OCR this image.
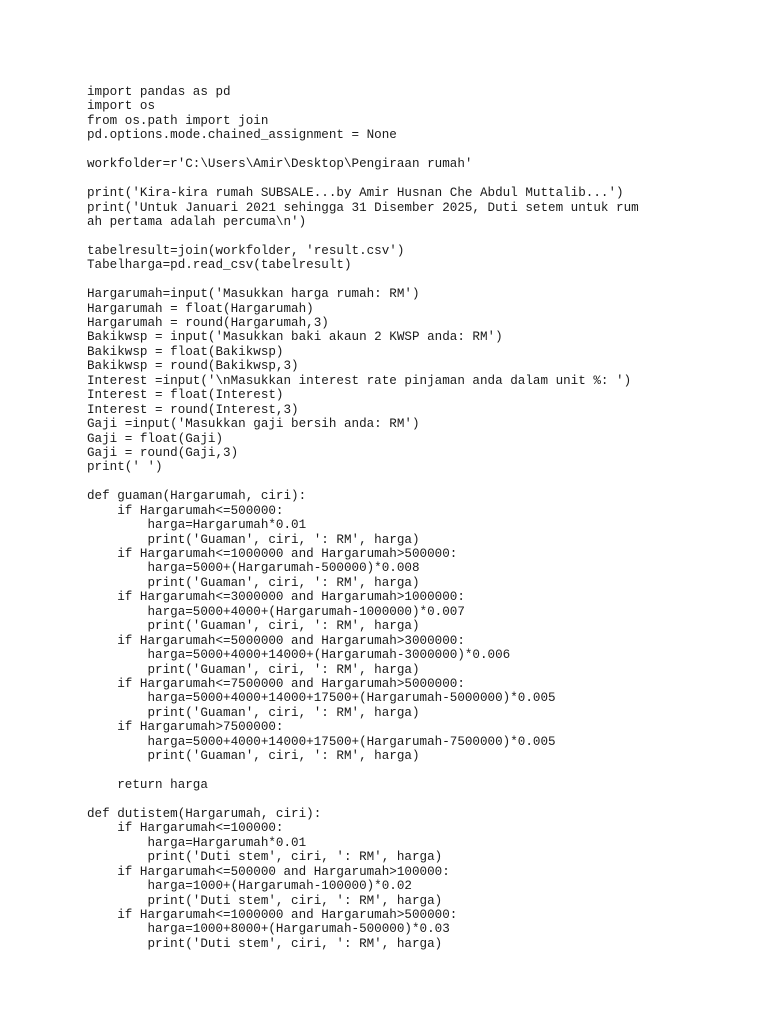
import pandas as pd
import os
from os.path import join
pd.options.mode.chained_assignment = None
workfolder=r'C:\Users\Amir\Desktop\Pengiraan rumah'
print('Kira-kira rumah SUBSALE...by Amir Husnan Che Abdul Muttalib...')
print('Untuk Januari 2021 sehingga 31 Disember 2025, Duti setem untuk rum
ah pertama adalah percuma\n')
tabelresult=join(workfolder, 'result.csv')
Tabelharga=pd.read_csv(tabelresult)
Hargarumah=input('Masukkan harga rumah: RM')
Hargarumah = float(Hargarumah)
Hargarumah = round(Hargarumah,3)
Bakikwsp = input('Masukkan baki akaun 2 KWSP anda: RM')
Bakikwsp = float(Bakikwsp)
Bakikwsp = round(Bakikwsp,3)
Interest =input('\nMasukkan interest rate pinjaman anda dalam unit %: ')
Interest = float(Interest)
Interest = round(Interest,3)
Gaji =input('Masukkan gaji bersih anda: RM')
Gaji = float(Gaji)
Gaji = round(Gaji,3)
print(' ')
def guaman(Hargarumah, ciri):
if Hargarumah<=500000:
harga=Hargarumah*0.01
print('Guaman', ciri, ': RM', harga)
if Hargarumah<=1000000 and Hargarumah>500000:
harga=5000+(Hargarumah-500000)*0.008
print('Guaman', ciri, ': RM', harga)
if Hargarumah<=3000000 and Hargarumah>1000000:
harga=5000+4000+(Hargarumah-1000000)*0.007
print('Guaman', ciri, ': RM', harga)
if Hargarumah<=5000000 and Hargarumah>3000000:
harga=5000+4000+14000+(Hargarumah-3000000)*0.006
print('Guaman', ciri, ': RM', harga)
if Hargarumah<=7500000 and Hargarumah>5000000:
harga=5000+4000+14000+17500+(Hargarumah-5000000)*0.005
print('Guaman', ciri, ': RM', harga)
if Hargarumah>7500000:
harga=5000+4000+14000+17500+(Hargarumah-7500000)*0.005
print('Guaman', ciri, ': RM', harga)
return harga
def dutistem(Hargarumah, ciri):
if Hargarumah<=100000:
harga=Hargarumah*0.01
print('Duti stem', ciri, ': RM', harga)
if Hargarumah<=500000 and Hargarumah>100000:
harga=1000+(Hargarumah-100000)*0.02
print('Duti stem', ciri, ': RM', harga)
if Hargarumah<=1000000 and Hargarumah>500000:
harga=1000+8000+(Hargarumah-500000)*0.03
print('Duti stem', ciri, ': RM', harga)
